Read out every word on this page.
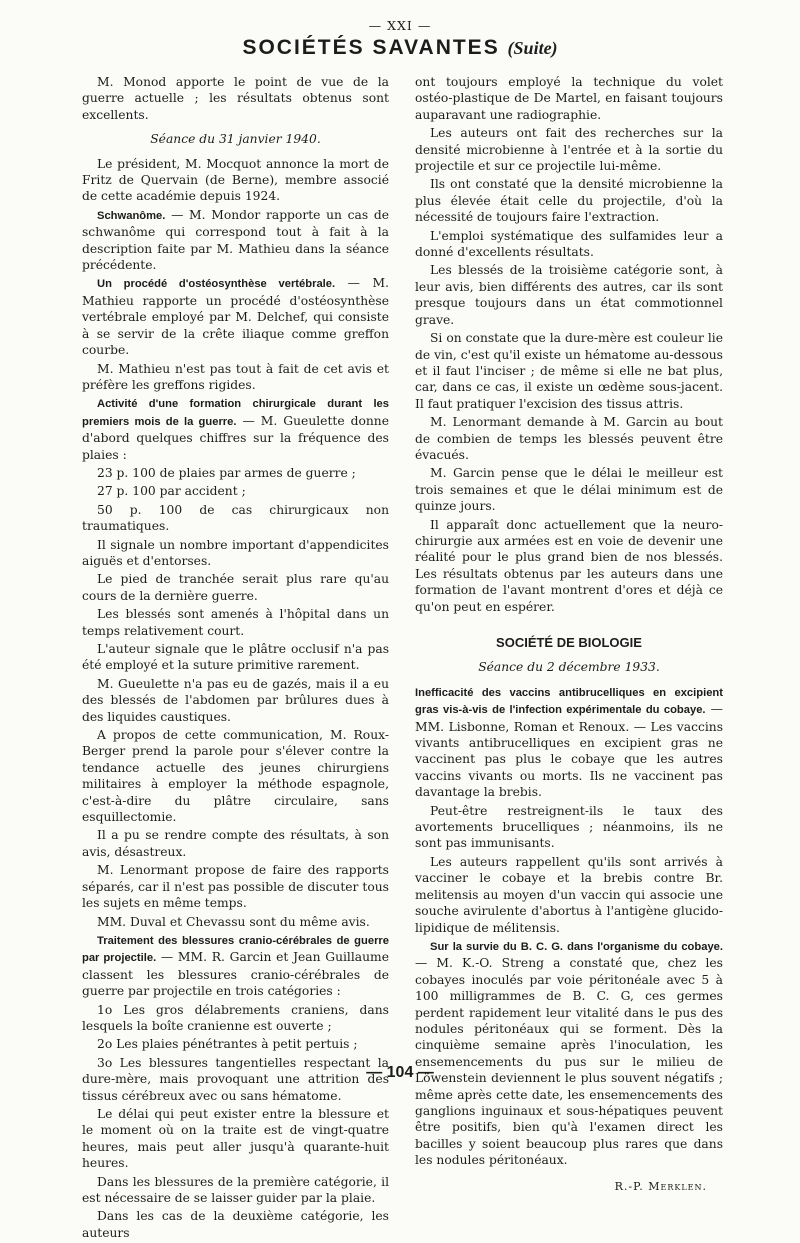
— XXI —
SOCIÉTÉS SAVANTES (Suite)

M. Monod apporte le point de vue de la guerre actuelle ; les résultats obtenus sont excellents.

Séance du 31 janvier 1940.

Le président, M. Mocquot annonce la mort de Fritz de Quervain (de Berne), membre associé de cette académie depuis 1924.

Schwanôme. — M. Mondor rapporte un cas de schwanôme qui correspond tout à fait à la description faite par M. Mathieu dans la séance précédente.

Un procédé d'ostéosynthèse vertébrale. — M. Mathieu rapporte un procédé d'ostéosynthèse vertébrale employé par M. Delchef, qui consiste à se servir de la crête iliaque comme greffon courbe.

M. Mathieu n'est pas tout à fait de cet avis et préfère les greffons rigides.

Activité d'une formation chirurgicale durant les premiers mois de la guerre. — M. Gueulette donne d'abord quelques chiffres sur la fréquence des plaies :

23 p. 100 de plaies par armes de guerre ;

27 p. 100 par accident ;

50 p. 100 de cas chirurgicaux non traumatiques.

Il signale un nombre important d'appendicites aiguës et d'entorses.

Le pied de tranchée serait plus rare qu'au cours de la dernière guerre.

Les blessés sont amenés à l'hôpital dans un temps relativement court.

L'auteur signale que le plâtre occlusif n'a pas été employé et la suture primitive rarement.

M. Gueulette n'a pas eu de gazés, mais il a eu des blessés de l'abdomen par brûlures dues à des liquides caustiques.

A propos de cette communication, M. Roux-Berger prend la parole pour s'élever contre la tendance actuelle des jeunes chirurgiens militaires à employer la méthode espagnole, c'est-à-dire du plâtre circulaire, sans esquillectomie.

Il a pu se rendre compte des résultats, à son avis, désastreux.

M. Lenormant propose de faire des rapports séparés, car il n'est pas possible de discuter tous les sujets en même temps.

MM. Duval et Chevassu sont du même avis.

Traitement des blessures cranio-cérébrales de guerre par projectile. — MM. R. Garcin et Jean Guillaume classent les blessures cranio-cérébrales de guerre par projectile en trois catégories :

1o Les gros délabrements craniens, dans lesquels la boîte cranienne est ouverte ;

2o Les plaies pénétrantes à petit pertuis ;

3o Les blessures tangentielles respectant la dure-mère, mais provoquant une attrition des tissus cérébreux avec ou sans hématome.

Le délai qui peut exister entre la blessure et le moment où on la traite est de vingt-quatre heures, mais peut aller jusqu'à quarante-huit heures.

Dans les blessures de la première catégorie, il est nécessaire de se laisser guider par la plaie.

Dans les cas de la deuxième catégorie, les auteurs

ont toujours employé la technique du volet ostéo-plastique de De Martel, en faisant toujours auparavant une radiographie.

Les auteurs ont fait des recherches sur la densité microbienne à l'entrée et à la sortie du projectile et sur ce projectile lui-même.

Ils ont constaté que la densité microbienne la plus élevée était celle du projectile, d'où la nécessité de toujours faire l'extraction.

L'emploi systématique des sulfamides leur a donné d'excellents résultats.

Les blessés de la troisième catégorie sont, à leur avis, bien différents des autres, car ils sont presque toujours dans un état commotionnel grave.

Si on constate que la dure-mère est couleur lie de vin, c'est qu'il existe un hématome au-dessous et il faut l'inciser ; de même si elle ne bat plus, car, dans ce cas, il existe un œdème sous-jacent. Il faut pratiquer l'excision des tissus attris.

M. Lenormant demande à M. Garcin au bout de combien de temps les blessés peuvent être évacués.

M. Garcin pense que le délai le meilleur est trois semaines et que le délai minimum est de quinze jours.

Il apparaît donc actuellement que la neuro-chirurgie aux armées est en voie de devenir une réalité pour le plus grand bien de nos blessés. Les résultats obtenus par les auteurs dans une formation de l'avant montrent d'ores et déjà ce qu'on peut en espérer.

SOCIÉTÉ DE BIOLOGIE

Séance du 2 décembre 1933.

Inefficacité des vaccins antibrucelliques en excipient gras vis-à-vis de l'infection expérimentale du cobaye. — MM. Lisbonne, Roman et Renoux. — Les vaccins vivants antibrucelliques en excipient gras ne vaccinent pas plus le cobaye que les autres vaccins vivants ou morts. Ils ne vaccinent pas davantage la brebis.

Peut-être restreignent-ils le taux des avortements brucelliques ; néanmoins, ils ne sont pas immunisants.

Les auteurs rappellent qu'ils sont arrivés à vacciner le cobaye et la brebis contre Br. melitensis au moyen d'un vaccin qui associe une souche avirulente d'abortus à l'antigène glucido-lipidique de mélitensis.

Sur la survie du B. C. G. dans l'organisme du cobaye. — M. K.-O. Streng a constaté que, chez les cobayes inoculés par voie péritonéale avec 5 à 100 milligrammes de B. C. G, ces germes perdent rapidement leur vitalité dans le pus des nodules péritonéaux qui se forment. Dès la cinquième semaine après l'inoculation, les ensemencements du pus sur le milieu de Löwenstein deviennent le plus souvent négatifs ; même après cette date, les ensemencements des ganglions inguinaux et sous-hépatiques peuvent être positifs, bien qu'à l'examen direct les bacilles y soient beaucoup plus rares que dans les nodules péritonéaux.

R.-P. Merklen.
— 104 —
